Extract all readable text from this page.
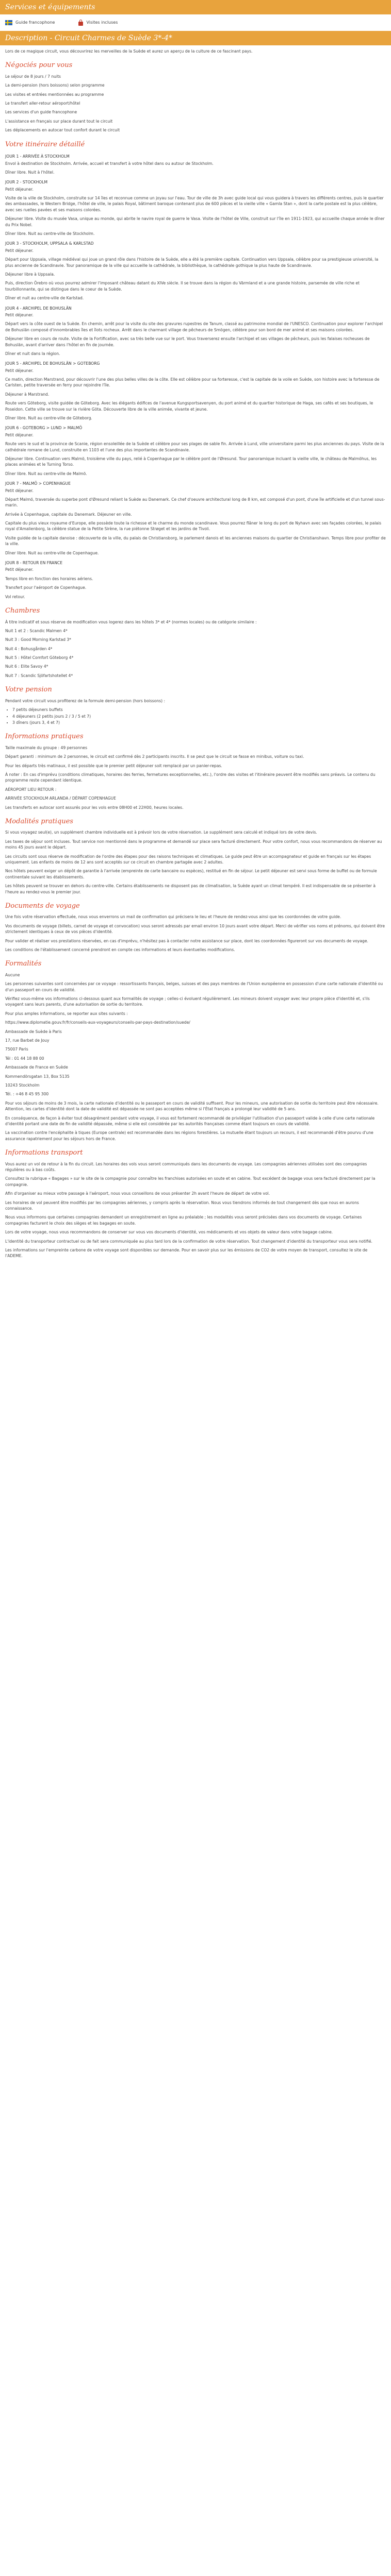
Services et équipements
Guide francophone	Visites incluses
Description - Circuit Charmes de Suède 3*-4*

Lors de ce magique circuit, vous découvrirez les merveilles de la Suède et aurez un aperçu de la culture de ce fascinant pays.

Négociés pour vous

Le séjour de 8 jours / 7 nuits

La demi-pension (hors boissons) selon programme

Les visites et entrées mentionnées au programme

Le transfert aller-retour aéroport/hôtel

Les services d'un guide francophone

L'assistance en français sur place durant tout le circuit

Les déplacements en autocar tout confort durant le circuit

Votre itinéraire détaillé
JOUR 1 - ARRIVÉE À STOCKHOLM

Envol à destination de Stockholm. Arrivée, accueil et transfert à votre hôtel dans ou autour de Stockholm.

Dîner libre. Nuit à l'hôtel.

JOUR 2 - STOCKHOLM

Petit déjeuner.

Visite de la ville de Stockholm, construite sur 14 îles et reconnue comme un joyau sur l'eau. Tour de ville de 3h avec guide local qui vous guidera à travers les différents centres, puis le quartier des ambassades, le Western Bridge, l'hôtel de ville, le palais Royal, bâtiment baroque contenant plus de 600 pièces et la vieille ville « Gamla Stan », dont la carte postale est la plus célèbre, avec ses ruelles pavées et ses maisons colorées.

Déjeuner libre. Visite du musée Vasa, unique au monde, qui abrite le navire royal de guerre le Vasa. Visite de l'hôtel de Ville, construit sur l'île en 1911-1923, qui accueille chaque année le dîner du Prix Nobel.

Dîner libre. Nuit au centre-ville de Stockholm.

JOUR 3 - STOCKHOLM, UPPSALA & KARLSTAD

Petit déjeuner.

Départ pour Uppsala, village médiéval qui joue un grand rôle dans l'histoire de la Suède, elle a été la première capitale. Continuation vers Uppsala, célèbre pour sa prestigieuse université, la plus ancienne de Scandinavie. Tour panoramique de la ville qui accueille la cathédrale, la bibliothèque, la cathédrale gothique la plus haute de Scandinavie.

Déjeuner libre à Uppsala.

Puis, direction Örebro où vous pourrez admirer l'imposant château datant du XIVe siècle. Il se trouve dans la région du Värmland et a une grande histoire, parsemée de ville riche et tourbillonnante, qui se distingue dans le coeur de la Suède.

Dîner et nuit au centre-ville de Karlstad.

JOUR 4 - ARCHIPEL DE BOHUSLÄN

Petit déjeuner.

Départ vers la côte ouest de la Suède. En chemin, arrêt pour la visite du site des gravures rupestres de Tanum, classé au patrimoine mondial de l'UNESCO. Continuation pour explorer l'archipel de Bohuslän composé d'innombrables îles et îlots rocheux. Arrêt dans le charmant village de pêcheurs de Smögen, célèbre pour son bord de mer animé et ses maisons colorées.

Déjeuner libre en cours de route. Visite de la Fortification, avec sa très belle vue sur le port. Vous traverserez ensuite l'archipel et ses villages de pêcheurs, puis les falaises rocheuses de Bohuslän, avant d'arriver dans l'hôtel en fin de journée.

Dîner et nuit dans la région.

JOUR 5 - ARCHIPEL DE BOHUSLÄN > GOTEBORG

Petit déjeuner.

Ce matin, direction Marstrand, pour découvrir l'une des plus belles villes de la côte. Elle est célèbre pour sa forteresse, c'est la capitale de la voile en Suède, son histoire avec la forteresse de Carlsten, petite traversée en ferry pour rejoindre l'île.

Déjeuner à Marstrand.

Route vers Göteborg, visite guidée de Göteborg. Avec les élégants édifices de l'avenue Kungsportsavenyen, du port animé et du quartier historique de Haga, ses cafés et ses boutiques, le Poseidon. Cette ville se trouve sur la rivière Göta. Découverte libre de la ville animée, vivante et jeune.

Dîner libre. Nuit au centre-ville de Göteborg.

JOUR 6 - GOTEBORG > LUND > MALMÖ

Petit déjeuner.

Route vers le sud et la province de Scanie, région ensoleillée de la Suède et célèbre pour ses plages de sable fin. Arrivée à Lund, ville universitaire parmi les plus anciennes du pays. Visite de la cathédrale romane de Lund, construite en 1103 et l'une des plus importantes de Scandinavie.

Déjeuner libre. Continuation vers Malmö, troisième ville du pays, relié à Copenhague par le célèbre pont de l'Øresund. Tour panoramique incluant la vieille ville, le château de Malmöhus, les places animées et le Turning Torso.

Dîner libre. Nuit au centre-ville de Malmö.

JOUR 7 - MALMÖ > COPENHAGUE

Petit déjeuner.

Départ Malmö, traversée du superbe pont d'Øresund reliant la Suède au Danemark. Ce chef d'oeuvre architectural long de 8 km, est composé d'un pont, d'une île artificielle et d'un tunnel sous-marin.

Arrivée à Copenhague, capitale du Danemark. Déjeuner en ville.

Capitale du plus vieux royaume d'Europe, elle possède toute la richesse et le charme du monde scandinave. Vous pourrez flâner le long du port de Nyhavn avec ses façades colorées, le palais royal d'Amalienborg, la célèbre statue de la Petite Sirène, la rue piétonne Strøget et les jardins de Tivoli.

Visite guidée de la capitale danoise : découverte de la ville, du palais de Christiansborg, le parlement danois et les anciennes maisons du quartier de Christianshavn. Temps libre pour profiter de la ville.

Dîner libre. Nuit au centre-ville de Copenhague.

JOUR 8 - RETOUR EN FRANCE

Petit déjeuner.

Temps libre en fonction des horaires aériens.

Transfert pour l'aéroport de Copenhague.

Vol retour.

Chambres

À titre indicatif et sous réserve de modification vous logerez dans les hôtels 3* et 4* (normes locales) ou de catégorie similaire :

Nuit 1 et 2 : Scandic Malmen 4*

Nuit 3 : Good Morning Karlstad 3*

Nuit 4 : Bohusgården 4*

Nuit 5 : Hôtel Comfort Göteborg 4*

Nuit 6 : Elite Savoy 4*

Nuit 7 : Scandic Sjöfartshotellet 4*

Votre pension

Pendant votre circuit vous profiterez de la formule demi-pension (hors boissons) :

• 7 petits déjeuners buffets
• 4 déjeuners (2 petits jours 2 / 3 / 5 et 7)
• 3 dîners (jours 3, 4 et 7)
Informations pratiques

Taille maximale du groupe : 49 personnes

Départ garanti : minimum de 2 personnes, le circuit est confirmé dès 2 participants inscrits. Il se peut que le circuit se fasse en minibus, voiture ou taxi.

Pour les départs très matinaux, il est possible que le premier petit déjeuner soit remplacé par un panier-repas.

À noter : En cas d'imprévu (conditions climatiques, horaires des ferries, fermetures exceptionnelles, etc.), l'ordre des visites et l'itinéraire peuvent être modifiés sans préavis. Le contenu du programme reste cependant identique.

AÉROPORT LIEU RETOUR :

ARRIVÉE STOCKHOLM ARLANDA / DÉPART COPENHAGUE

Les transferts en autocar sont assurés pour les vols entre 08H00 et 22H00, heures locales.

Modalités pratiques

Si vous voyagez seul(e), un supplément chambre individuelle est à prévoir lors de votre réservation. Le supplément sera calculé et indiqué lors de votre devis.

Les taxes de séjour sont incluses. Tout service non mentionné dans le programme et demandé sur place sera facturé directement. Pour votre confort, nous vous recommandons de réserver au moins 45 jours avant le départ.

Les circuits sont sous réserve de modification de l'ordre des étapes pour des raisons techniques et climatiques. Le guide peut être un accompagnateur et guide en français sur les étapes uniquement. Les enfants de moins de 12 ans sont acceptés sur ce circuit en chambre partagée avec 2 adultes.

Nos hôtels peuvent exiger un dépôt de garantie à l'arrivée (empreinte de carte bancaire ou espèces), restitué en fin de séjour. Le petit déjeuner est servi sous forme de buffet ou de formule continentale suivant les établissements.

Les hôtels peuvent se trouver en dehors du centre-ville. Certains établissements ne disposent pas de climatisation, la Suède ayant un climat tempéré. Il est indispensable de se présenter à l'heure au rendez-vous le premier jour.

Documents de voyage

Une fois votre réservation effectuée, nous vous enverrons un mail de confirmation qui précisera le lieu et l'heure de rendez-vous ainsi que les coordonnées de votre guide.

Vos documents de voyage (billets, carnet de voyage et convocation) vous seront adressés par email environ 10 jours avant votre départ. Merci de vérifier vos noms et prénoms, qui doivent être strictement identiques à ceux de vos pièces d'identité.

Pour valider et réaliser vos prestations réservées, en cas d'imprévu, n'hésitez pas à contacter notre assistance sur place, dont les coordonnées figureront sur vos documents de voyage.

Les conditions de l'établissement concerné prendront en compte ces informations et leurs éventuelles modifications.

Formalités

Aucune

Les personnes suivantes sont concernées par ce voyage : ressortissants français, belges, suisses et des pays membres de l'Union européenne en possession d'une carte nationale d'identité ou d'un passeport en cours de validité.

Vérifiez vous-même vos informations ci-dessous quant aux formalités de voyage ; celles-ci évoluent régulièrement. Les mineurs doivent voyager avec leur propre pièce d'identité et, s'ils voyagent sans leurs parents, d'une autorisation de sortie du territoire.

Pour plus amples informations, se reporter aux sites suivants :

https://www.diplomatie.gouv.fr/fr/conseils-aux-voyageurs/conseils-par-pays-destination/suede/

Ambassade de Suède à Paris

17, rue Barbet de Jouy

75007 Paris

Tél : 01 44 18 88 00

Ambassade de France en Suède

Kommendörsgatan 13, Box 5135

10243 Stockholm

Tél. : +46 8 45 95 300

Pour vos séjours de moins de 3 mois, la carte nationale d'identité ou le passeport en cours de validité suffisent. Pour les mineurs, une autorisation de sortie du territoire peut être nécessaire. Attention, les cartes d'identité dont la date de validité est dépassée ne sont pas acceptées même si l'État français a prolongé leur validité de 5 ans.

En conséquence, de façon à éviter tout désagrément pendant votre voyage, il vous est fortement recommandé de privilégier l'utilisation d'un passeport valide à celle d'une carte nationale d'identité portant une date de fin de validité dépassée, même si elle est considérée par les autorités françaises comme étant toujours en cours de validité.

La vaccination contre l'encéphalite à tiques (Europe centrale) est recommandée dans les régions forestières. La mutuelle étant toujours un recours, il est recommandé d'être pourvu d'une assurance rapatriement pour les séjours hors de France.

Informations transport

Vous aurez un vol de retour à la fin du circuit. Les horaires des vols vous seront communiqués dans les documents de voyage. Les compagnies aériennes utilisées sont des compagnies régulières ou à bas coûts.

Consultez la rubrique « Bagages » sur le site de la compagnie pour connaître les franchises autorisées en soute et en cabine. Tout excédent de bagage vous sera facturé directement par la compagnie.

Afin d'organiser au mieux votre passage à l'aéroport, nous vous conseillons de vous présenter 2h avant l'heure de départ de votre vol.

Les horaires de vol peuvent être modifiés par les compagnies aériennes, y compris après la réservation. Nous vous tiendrons informés de tout changement dès que nous en aurons connaissance.

Nous vous informons que certaines compagnies demandent un enregistrement en ligne au préalable ; les modalités vous seront précisées dans vos documents de voyage. Certaines compagnies facturent le choix des sièges et les bagages en soute.

Lors de votre voyage, nous vous recommandons de conserver sur vous vos documents d'identité, vos médicaments et vos objets de valeur dans votre bagage cabine.

L'identité du transporteur contractuel ou de fait sera communiquée au plus tard lors de la confirmation de votre réservation. Tout changement d'identité du transporteur vous sera notifié.

Les informations sur l'empreinte carbone de votre voyage sont disponibles sur demande. Pour en savoir plus sur les émissions de CO2 de votre moyen de transport, consultez le site de l'ADEME.
